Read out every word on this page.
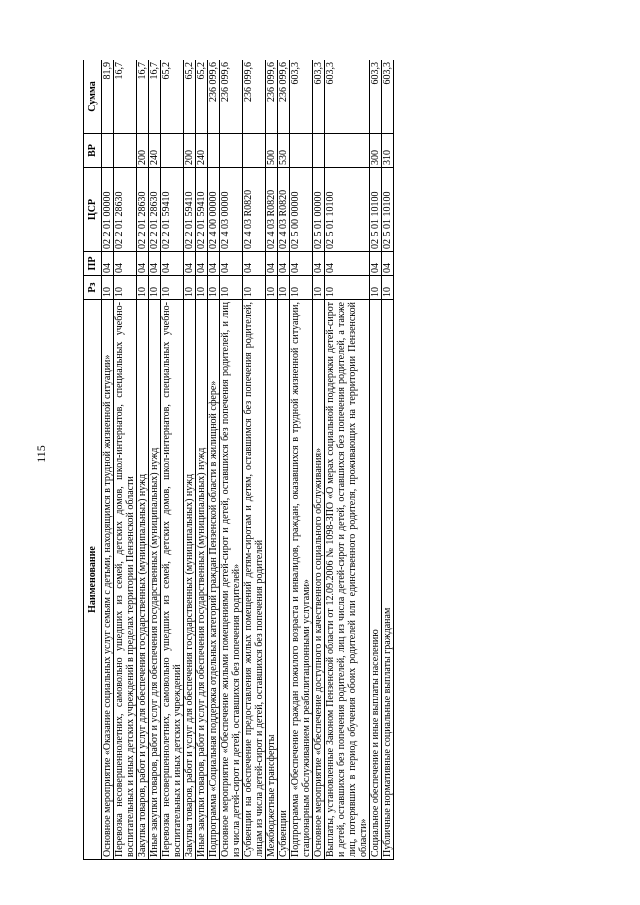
115
Наименование	Рз	ПР	ЦСР	ВР	Сумма
Основное мероприятие «Оказание социальных услуг семьям с детьми, находящимся в трудной жизненной ситуации»	10	04	02 2 01 00000		81,9
Перевозка несовершеннолетних, самовольно ушедших из семей, детских домов, школ-интернатов, специальных учебно-воспитательных и иных детских учреждений в пределах территории Пензенской области	10	04	02 2 01 28630		16,7
Закупка товаров, работ и услуг для обеспечения государственных (муниципальных) нужд	10	04	02 2 01 28630	200	16,7
Иные закупки товаров, работ и услуг для обеспечения государственных (муниципальных) нужд	10	04	02 2 01 28630	240	16,7
Перевозка несовершеннолетних, самовольно ушедших из семей, детских домов, школ-интернатов, специальных учебно-воспитательных и иных детских учреждений	10	04	02 2 01 59410		65,2
Закупка товаров, работ и услуг для обеспечения государственных (муниципальных) нужд	10	04	02 2 01 59410	200	65,2
Иные закупки товаров, работ и услуг для обеспечения государственных (муниципальных) нужд	10	04	02 2 01 59410	240	65,2
Подпрограмма «Социальная поддержка отдельных категорий граждан Пензенской области в жилищной сфере»	10	04	02 4 00 00000		236 099,6
Основное мероприятие «Обеспечение жилыми помещениями детей-сирот и детей, оставшихся без попечения родителей, и лиц из числа детей-сирот и детей, оставшихся без попечения родителей»	10	04	02 4 03 00000		236 099,6
Субвенции на обеспечение предоставления жилых помещений детям-сиротам и детям, оставшимся без попечения родителей, лицам из числа детей-сирот и детей, оставшихся без попечения родителей	10	04	02 4 03 R0820		236 099,6
Межбюджетные трансферты	10	04	02 4 03 R0820	500	236 099,6
Субвенции	10	04	02 4 03 R0820	530	236 099,6
Подпрограмма «Обеспечение граждан пожилого возраста и инвалидов, граждан, оказавшихся в трудной жизненной ситуации, стационарным обслуживанием и реабилитационными услугами»	10	04	02 5 00 00000		603,3
Основное мероприятие «Обеспечение доступного и качественного социального обслуживания»	10	04	02 5 01 00000		603,3
Выплаты, установленные Законом Пензенской области от 12.09.2006 № 1098-ЗПО «О мерах социальной поддержки детей-сирот и детей, оставшихся без попечения родителей, лиц из числа детей-сирот и детей, оставшихся без попечения родителей, а также лиц, потерявших в период обучения обоих родителей или единственного родителя, проживающих на территории Пензенской области»	10	04	02 5 01 10100		603,3
Социальное обеспечение и иные выплаты населению	10	04	02 5 01 10100	300	603,3
Публичные нормативные социальные выплаты гражданам	10	04	02 5 01 10100	310	603,3
